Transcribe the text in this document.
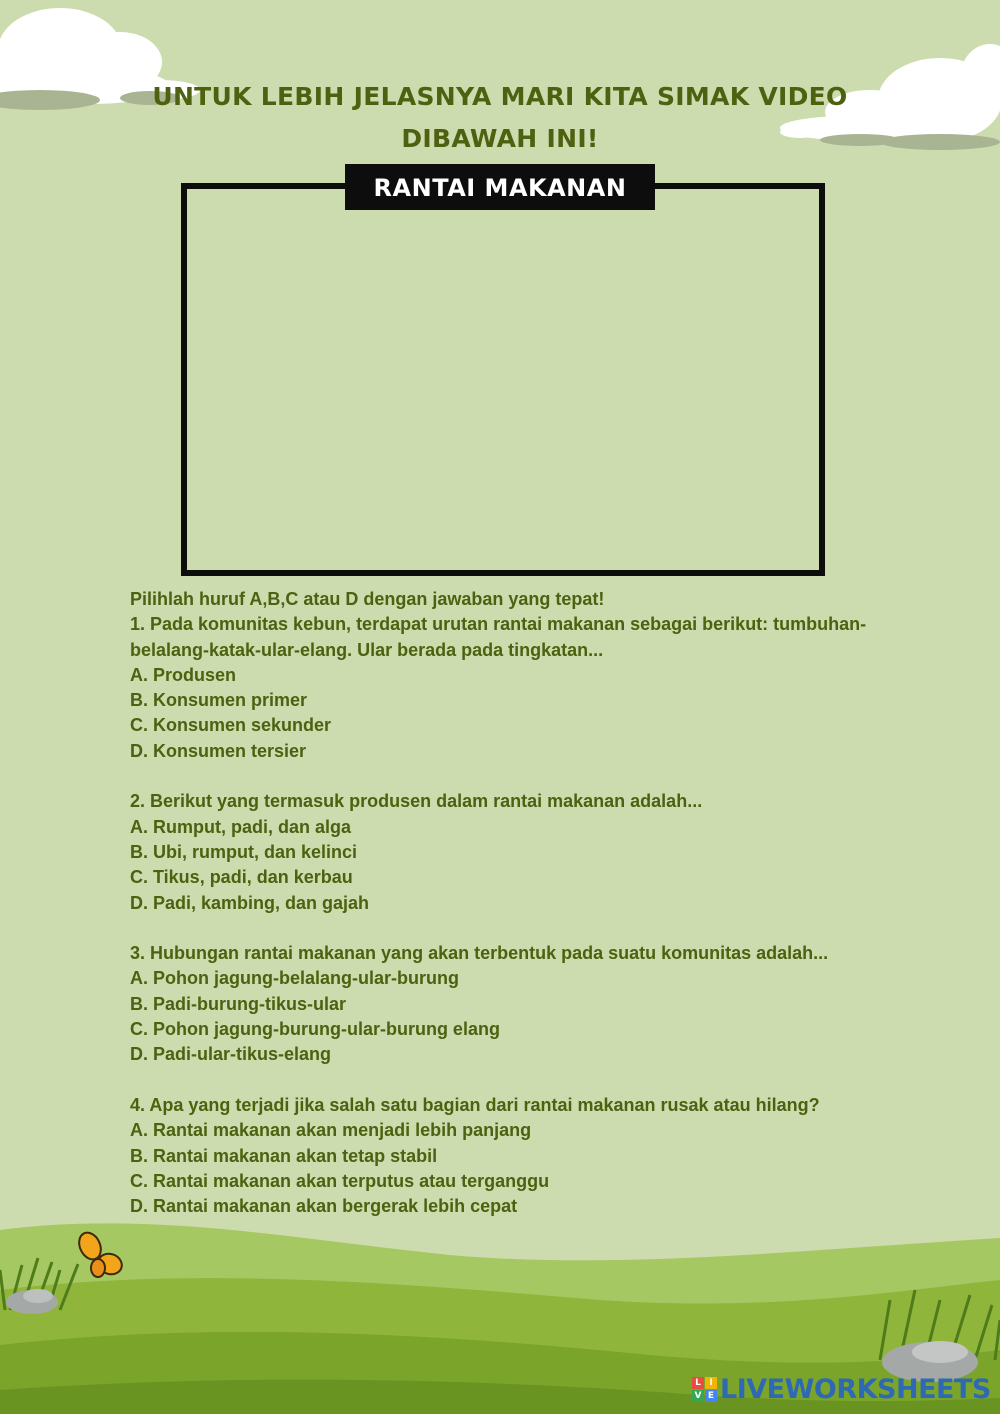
UNTUK LEBIH JELASNYA MARI KITA SIMAK VIDEO DIBAWAH INI!
RANTAI MAKANAN

Pilihlah huruf A,B,C atau D dengan jawaban yang tepat!

1. Pada komunitas kebun, terdapat urutan rantai makanan sebagai berikut: tumbuhan-belalang-katak-ular-elang. Ular berada pada tingkatan...

A. Produsen

B. Konsumen primer

C. Konsumen sekunder

D. Konsumen tersier

2. Berikut yang termasuk produsen dalam rantai makanan adalah...

A. Rumput, padi, dan alga

B. Ubi, rumput, dan kelinci

C. Tikus, padi, dan kerbau

D. Padi, kambing, dan gajah

3. Hubungan rantai makanan yang akan terbentuk pada suatu komunitas adalah...

A. Pohon jagung-belalang-ular-burung

B. Padi-burung-tikus-ular

C. Pohon jagung-burung-ular-burung elang

D. Padi-ular-tikus-elang

4. Apa yang terjadi jika salah satu bagian dari rantai makanan rusak atau hilang?

A. Rantai makanan akan menjadi lebih panjang

B. Rantai makanan akan tetap stabil

C. Rantai makanan akan terputus atau terganggu

D. Rantai makanan akan bergerak lebih cepat

L I
V E LIVEWORKSHEETS
